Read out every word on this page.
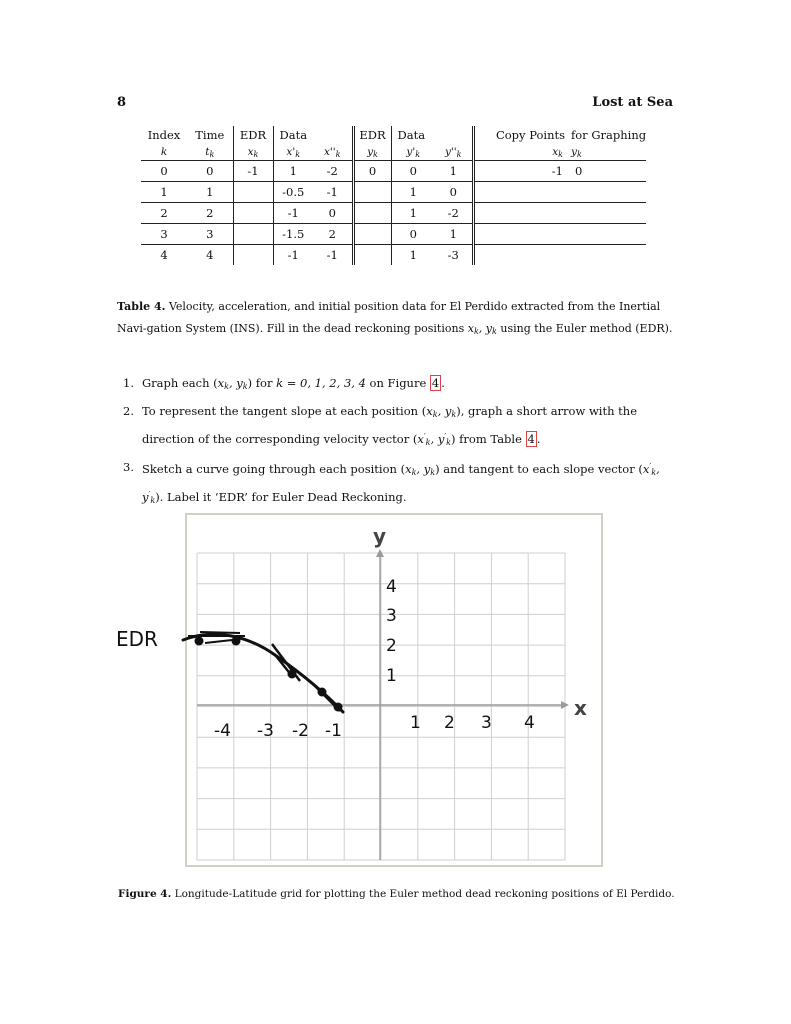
8	Lost at Sea
Index	Time	EDR	Data		EDR	Data		Copy Points	for Graphing
k	$t_k$	$x_k$	$x'_k$	$x''_k$	$y_k$	$y'_k$	$y''_k$	$x_k$	$y_k$
0	0	-1	1	-2	0	0	1	-1	0
1	1		-0.5	-1		1	0		
2	2		-1	0		1	-2		
3	3		-1.5	2		0	1		
4	4		-1	-1		1	-3		
Table 4. Velocity, acceleration, and initial position data for El Perdido extracted from the Inertial Navi-gation System (INS). Fill in the dead reckoning positions $x_k$, $y_k$ using the Euler method (EDR).
1. Graph each ($x_k$, $y_k$) for k = 0, 1, 2, 3, 4 on Figure 4 .
2. To represent the tangent slope at each position ($x_k$, $y_k$), graph a short arrow with the direction of the corresponding velocity vector ($x'_k$, $y'_k$) from Table 4 .
3. Sketch a curve going through each position ($x_k$, $y_k$) and tangent to each slope vector ($x'_k$, $y'_k$). Label it ‘EDR’ for Euler Dead Reckoning.
x
y
4
3
2
1
-4 -3 -2 -1	1 2 3 4
EDR
Figure 4. Longitude-Latitude grid for plotting the Euler method dead reckoning positions of El Perdido.
